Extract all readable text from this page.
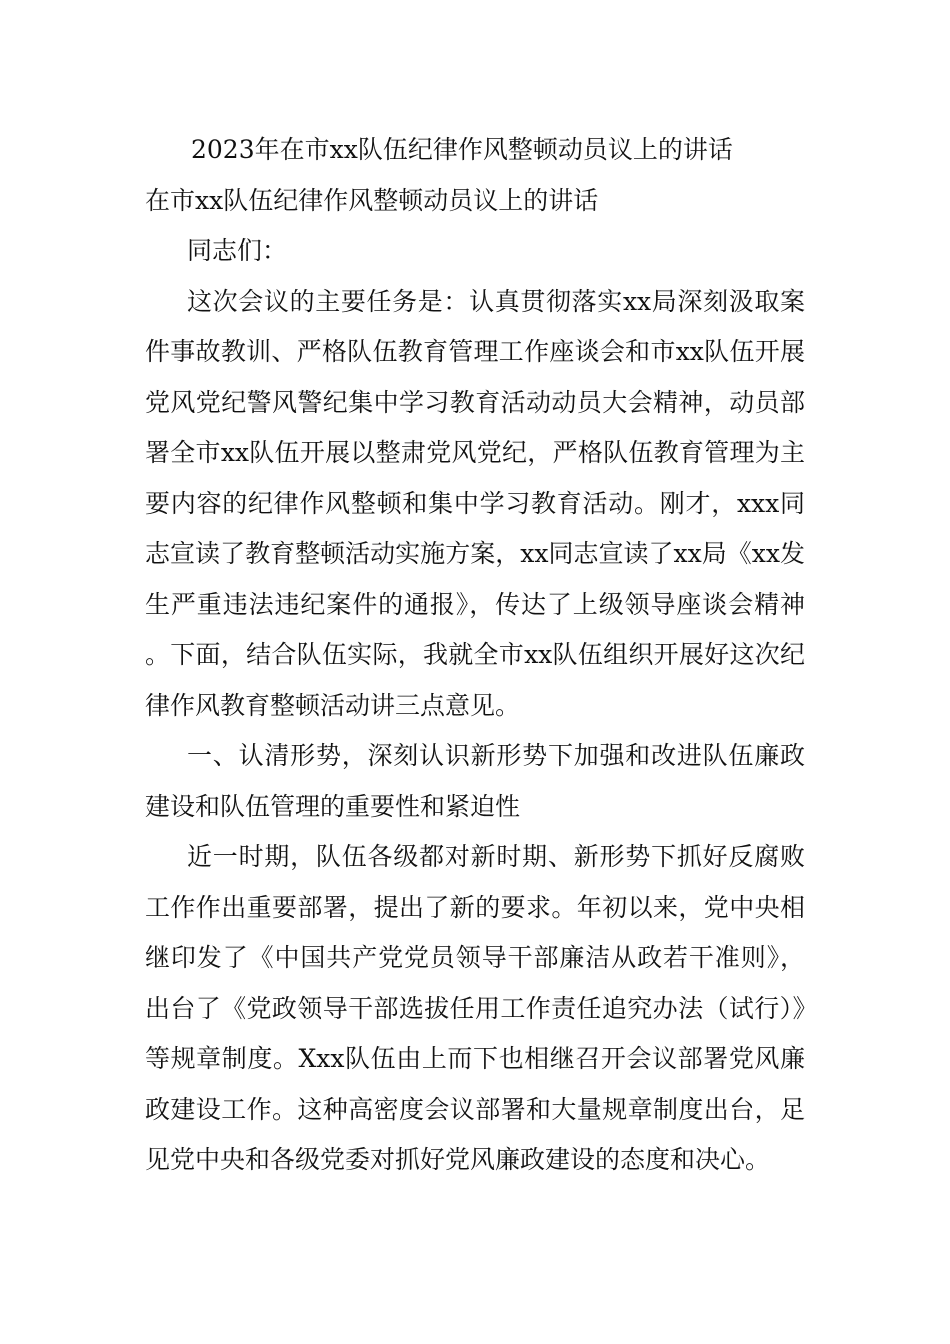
2023年在市xx队伍纪律作风整顿动员议上的讲话
在市xx队伍纪律作风整顿动员议上的讲话

同志们：

这次会议的主要任务是：认真贯彻落实xx局深刻汲取案件事故教训、严格队伍教育管理工作座谈会和市xx队伍开展党风党纪警风警纪集中学习教育活动动员大会精神，动员部署全市xx队伍开展以整肃党风党纪，严格队伍教育管理为主要内容的纪律作风整顿和集中学习教育活动。刚才，xxx同志宣读了教育整顿活动实施方案，xx同志宣读了xx局《xx发生严重违法违纪案件的通报》，传达了上级领导座谈会精神。下面，结合队伍实际，我就全市xx队伍组织开展好这次纪律作风教育整顿活动讲三点意见。

一、认清形势，深刻认识新形势下加强和改进队伍廉政建设和队伍管理的重要性和紧迫性

近一时期，队伍各级都对新时期、新形势下抓好反腐败工作作出重要部署，提出了新的要求。年初以来，党中央相继印发了《中国共产党党员领导干部廉洁从政若干准则》，出台了《党政领导干部选拔任用工作责任追究办法（试行）》等规章制度。Xxx队伍由上而下也相继召开会议部署党风廉政建设工作。这种高密度会议部署和大量规章制度出台，足见党中央和各级党委对抓好党风廉政建设的态度和决心。
